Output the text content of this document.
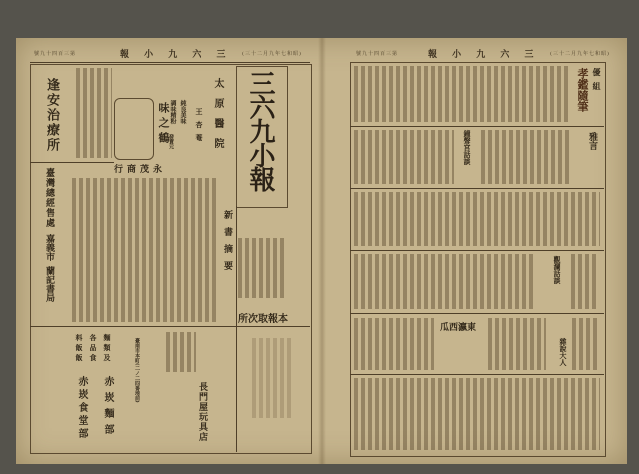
號九十四百三第	報 小 九 六 三 (三十二月九年七和昭)
逢安治療所	純良美味
調味精粉
味之鶴
發賣元
永茂商行
太原醫院
王杏菴 三六九小報
新書摘要
臺灣總經售處
嘉義市
蘭記書局
本報取次所
麵類及
各品食
料飯飯
赤崁麵部
赤崁食堂部
臺南市本町(二ノ二四番地前)
長門屋玩具店
號九十四百三第	報 小 九 六 三 (三十二月九年七和昭)
優組
孝鑑隨筆
鐘聲宮話談	雅言
觀瀾話談
東瀛西瓜
雜說大人
